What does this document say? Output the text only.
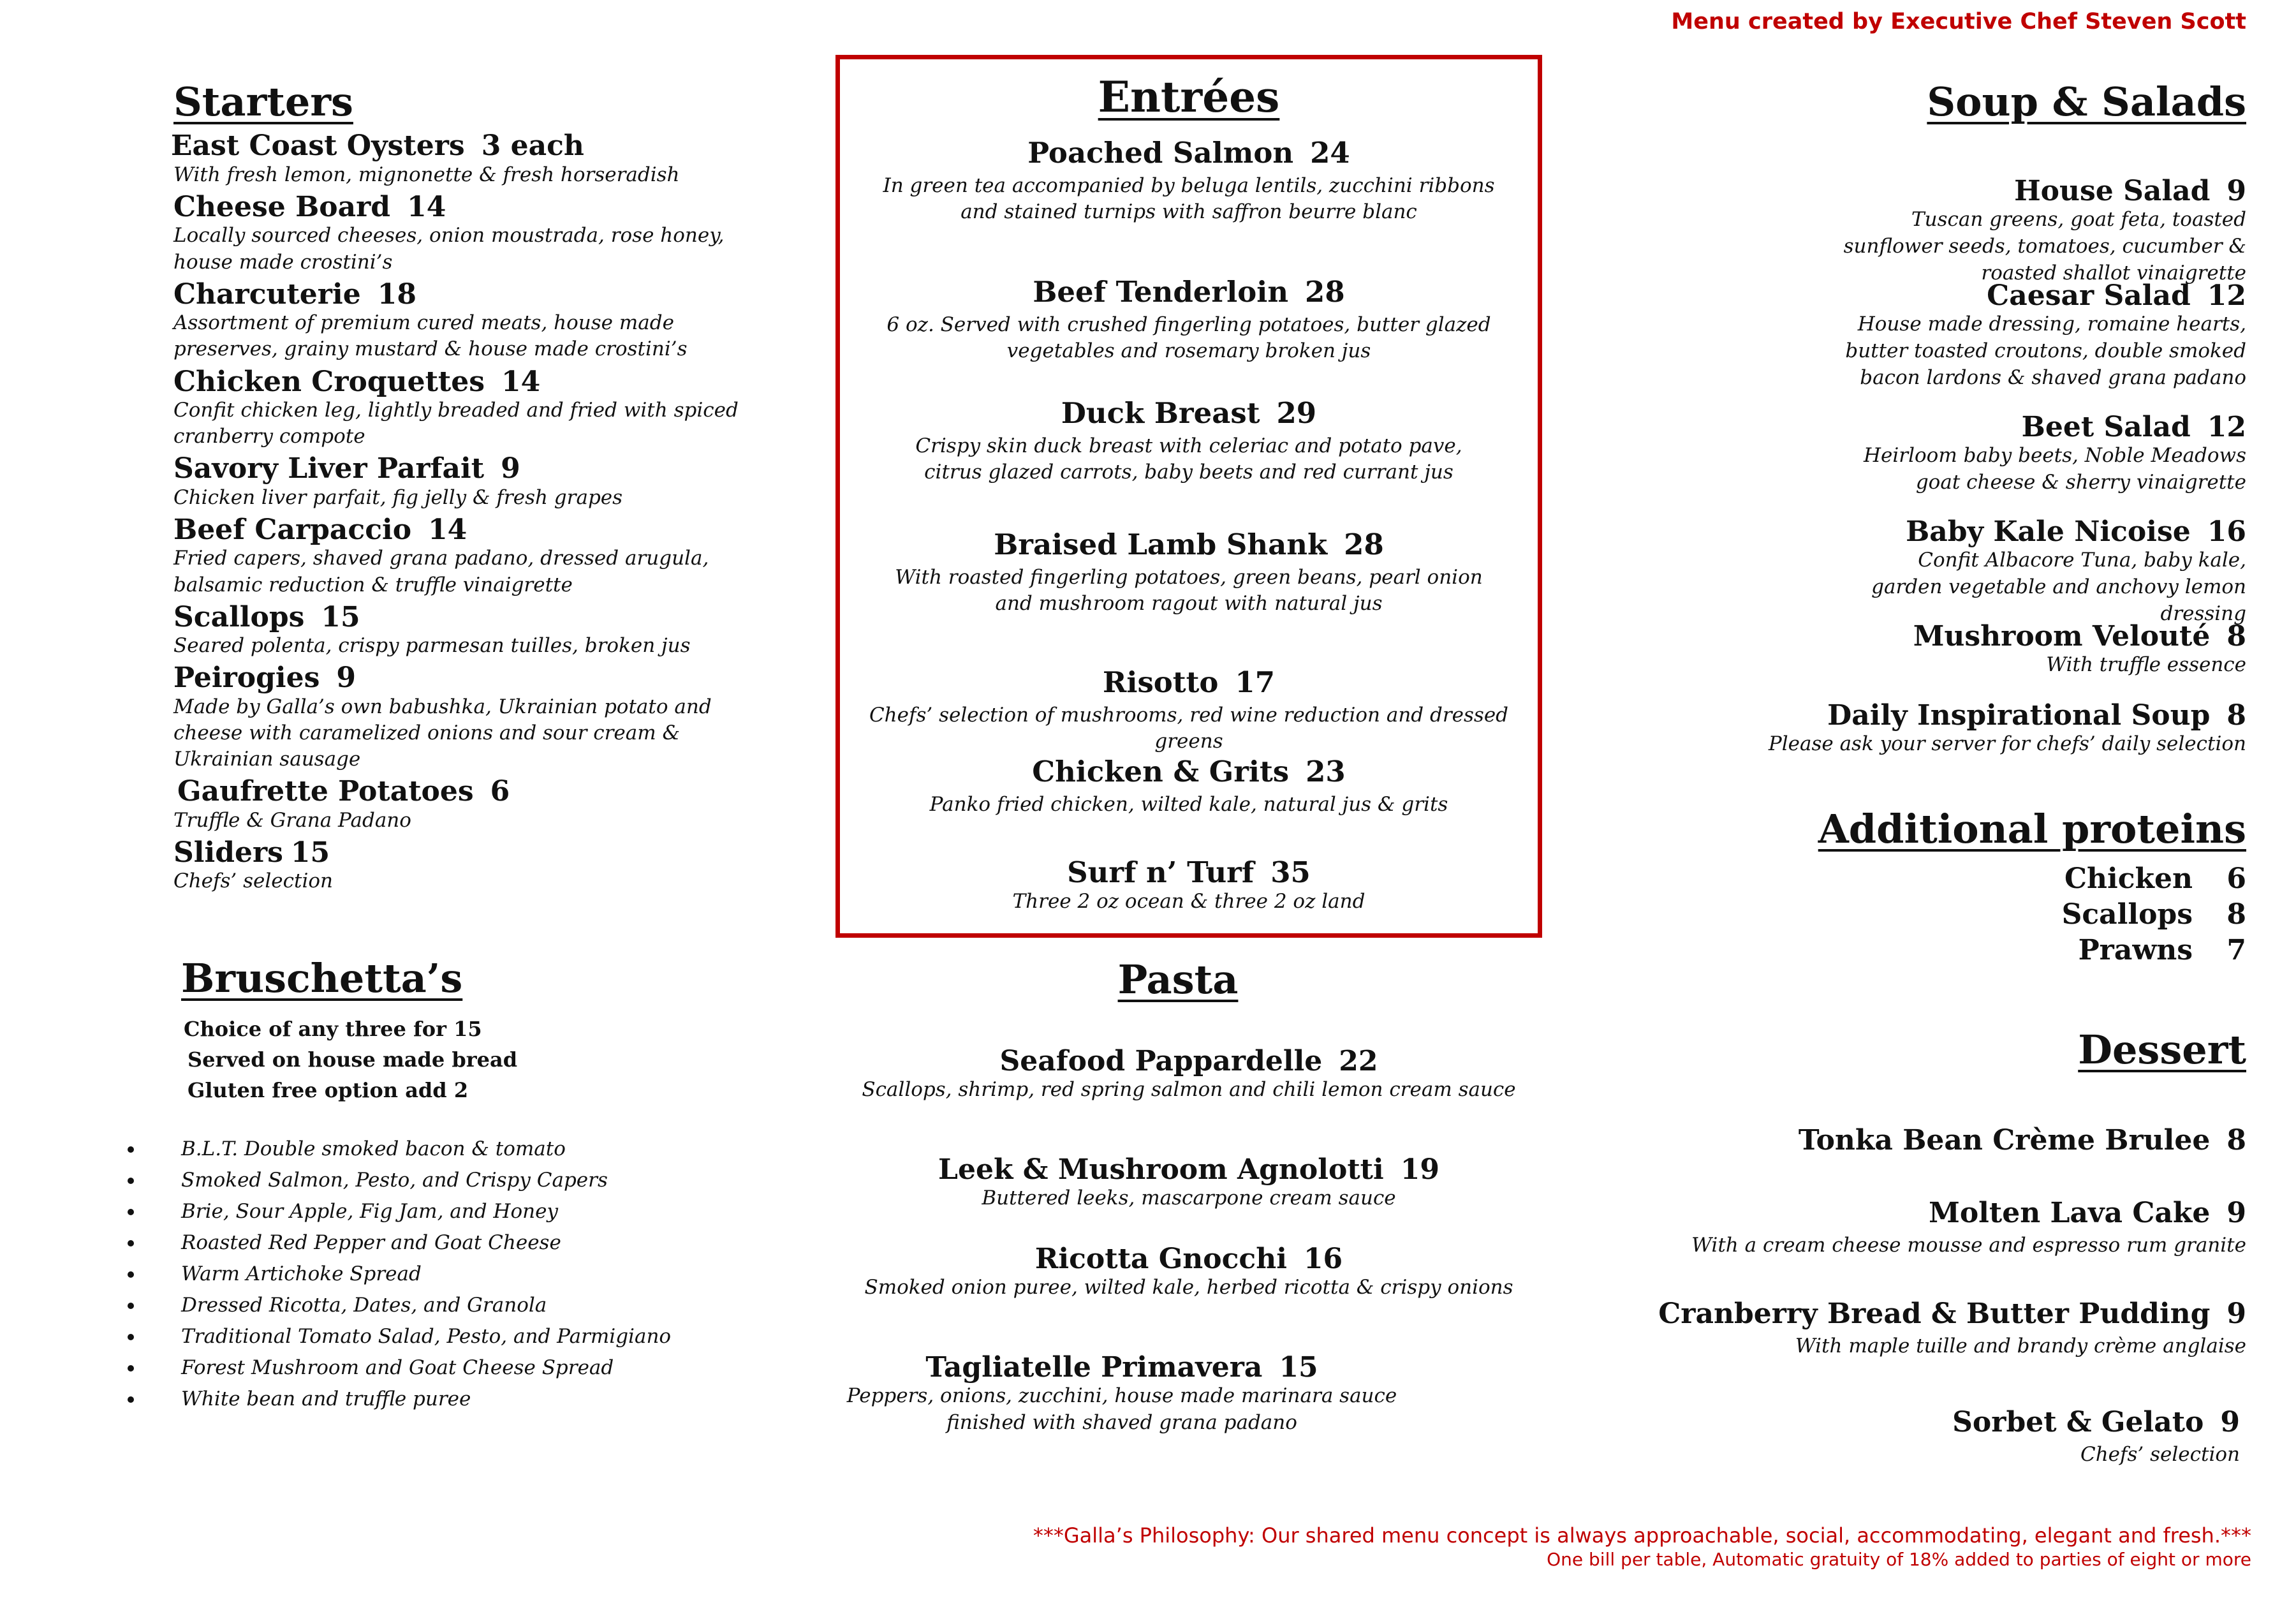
Menu created by Executive Chef Steven Scott
Starters
East Coast Oysters 3 each
With fresh lemon, mignonette & fresh horseradish
Cheese Board 14
Locally sourced cheeses, onion moustrada, rose honey, house made crostini’s
Charcuterie 18
Assortment of premium cured meats, house made preserves, grainy mustard & house made crostini’s
Chicken Croquettes 14
Confit chicken leg, lightly breaded and fried with spiced cranberry compote
Savory Liver Parfait 9
Chicken liver parfait, fig jelly & fresh grapes
Beef Carpaccio 14
Fried capers, shaved grana padano, dressed arugula, balsamic reduction & truffle vinaigrette
Scallops 15
Seared polenta, crispy parmesan tuilles, broken jus
Peirogies 9
Made by Galla’s own babushka, Ukrainian potato and cheese with caramelized onions and sour cream & Ukrainian sausage
Gaufrette Potatoes 6
Truffle & Grana Padano
Sliders 15
Chefs’ selection
Bruschetta’s
Choice of any three for 15
Served on house made bread
Gluten free option add 2
B.L.T. Double smoked bacon & tomato
Smoked Salmon, Pesto, and Crispy Capers
Brie, Sour Apple, Fig Jam, and Honey
Roasted Red Pepper and Goat Cheese
Warm Artichoke Spread
Dressed Ricotta, Dates, and Granola
Traditional Tomato Salad, Pesto, and Parmigiano
Forest Mushroom and Goat Cheese Spread
White bean and truffle puree
Entrées
Poached Salmon 24
In green tea accompanied by beluga lentils, zucchini ribbons and stained turnips with saffron beurre blanc
Beef Tenderloin 28
6 oz. Served with crushed fingerling potatoes, butter glazed vegetables and rosemary broken jus
Duck Breast 29
Crispy skin duck breast with celeriac and potato pave, citrus glazed carrots, baby beets and red currant jus
Braised Lamb Shank 28
With roasted fingerling potatoes, green beans, pearl onion and mushroom ragout with natural jus
Risotto 17
Chefs’ selection of mushrooms, red wine reduction and dressed greens
Chicken & Grits 23
Panko fried chicken, wilted kale, natural jus & grits
Surf n’ Turf 35
Three 2 oz ocean & three 2 oz land
Pasta
Seafood Pappardelle 22
Scallops, shrimp, red spring salmon and chili lemon cream sauce
Leek & Mushroom Agnolotti 19
Buttered leeks, mascarpone cream sauce
Ricotta Gnocchi 16
Smoked onion puree, wilted kale, herbed ricotta & crispy onions
Tagliatelle Primavera 15
Peppers, onions, zucchini, house made marinara sauce finished with shaved grana padano
Soup & Salads
House Salad 9
Tuscan greens, goat feta, toasted sunflower seeds, tomatoes, cucumber & roasted shallot vinaigrette
Caesar Salad 12
House made dressing, romaine hearts, butter toasted croutons, double smoked bacon lardons & shaved grana padano
Beet Salad 12
Heirloom baby beets, Noble Meadows goat cheese & sherry vinaigrette
Baby Kale Nicoise 16
Confit Albacore Tuna, baby kale, garden vegetable and anchovy lemon dressing
Mushroom Velouté 8
With truffle essence
Daily Inspirational Soup 8
Please ask your server for chefs’ daily selection
Additional proteins
Chicken 6
Scallops 8
Prawns 7
Dessert
Tonka Bean Crème Brulee 8
Molten Lava Cake 9
With a cream cheese mousse and espresso rum granite
Cranberry Bread & Butter Pudding 9
With maple tuille and brandy crème anglaise
Sorbet & Gelato 9
Chefs’ selection
***Galla’s Philosophy: Our shared menu concept is always approachable, social, accommodating, elegant and fresh.***
One bill per table, Automatic gratuity of 18% added to parties of eight or more
